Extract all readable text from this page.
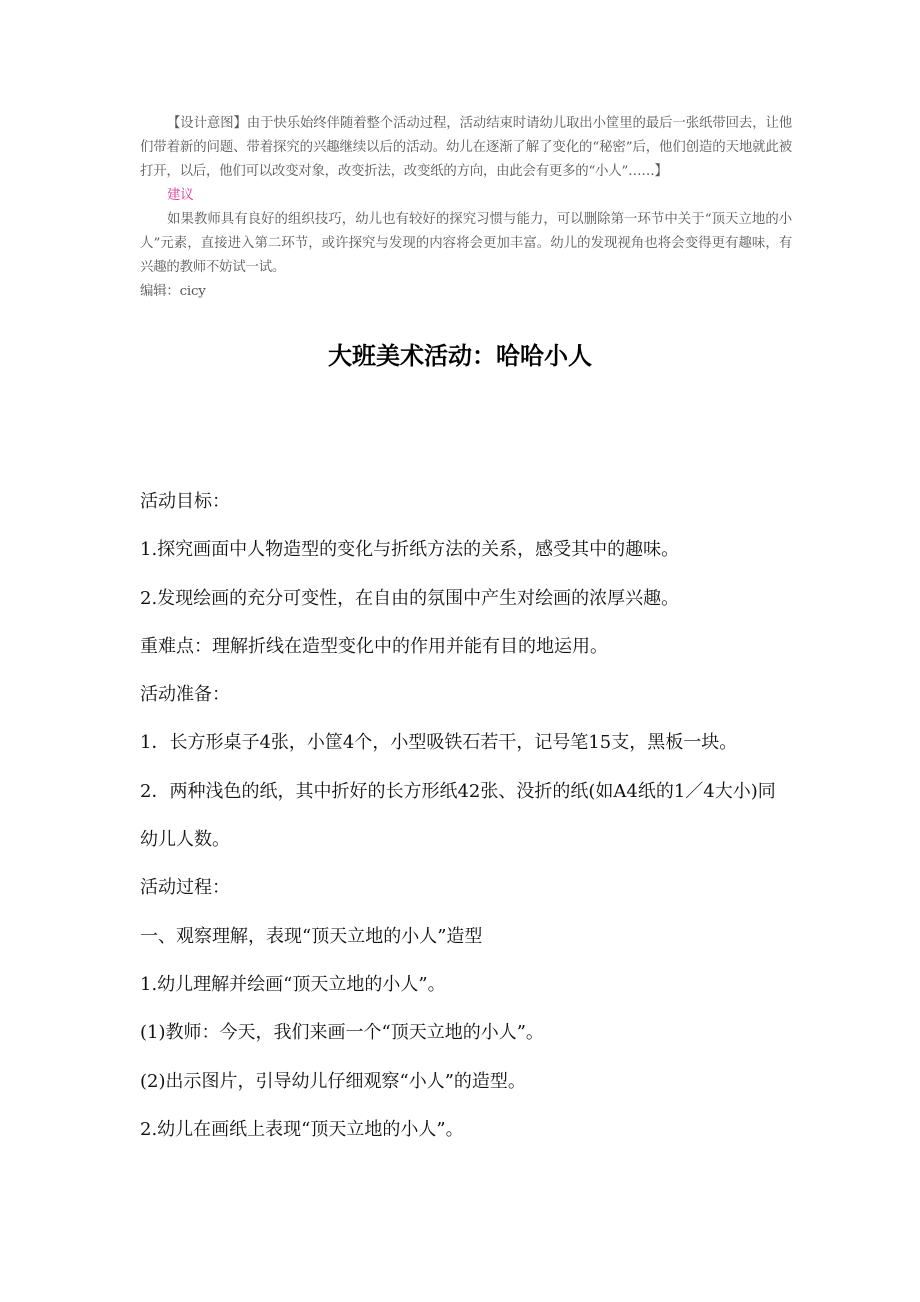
【设计意图】由于快乐始终伴随着整个活动过程，活动结束时请幼儿取出小筐里的最后一张纸带回去，让他们带着新的问题、带着探究的兴趣继续以后的活动。幼儿在逐渐了解了变化的“秘密”后，他们创造的天地就此被打开，以后，他们可以改变对象，改变折法，改变纸的方向，由此会有更多的“小人”……】
建议
如果教师具有良好的组织技巧，幼儿也有较好的探究习惯与能力，可以删除第一环节中关于“顶天立地的小人”元素，直接进入第二环节，或许探究与发现的内容将会更加丰富。幼儿的发现视角也将会变得更有趣味，有兴趣的教师不妨试一试。
编辑：cicy
大班美术活动：哈哈小人
活动目标：
1.探究画面中人物造型的变化与折纸方法的关系，感受其中的趣味。
2.发现绘画的充分可变性，在自由的氛围中产生对绘画的浓厚兴趣。
重难点：理解折线在造型变化中的作用并能有目的地运用。
活动准备：
1．长方形桌子4张，小筐4个，小型吸铁石若干，记号笔15支，黑板一块。
2．两种浅色的纸，其中折好的长方形纸42张、没折的纸(如A4纸的1／4大小)同幼儿人数。
活动过程：
一、观察理解，表现“顶天立地的小人”造型
1.幼儿理解并绘画“顶天立地的小人”。
(1)教师：今天，我们来画一个“顶天立地的小人”。
(2)出示图片，引导幼儿仔细观察“小人”的造型。
2.幼儿在画纸上表现“顶天立地的小人”。
